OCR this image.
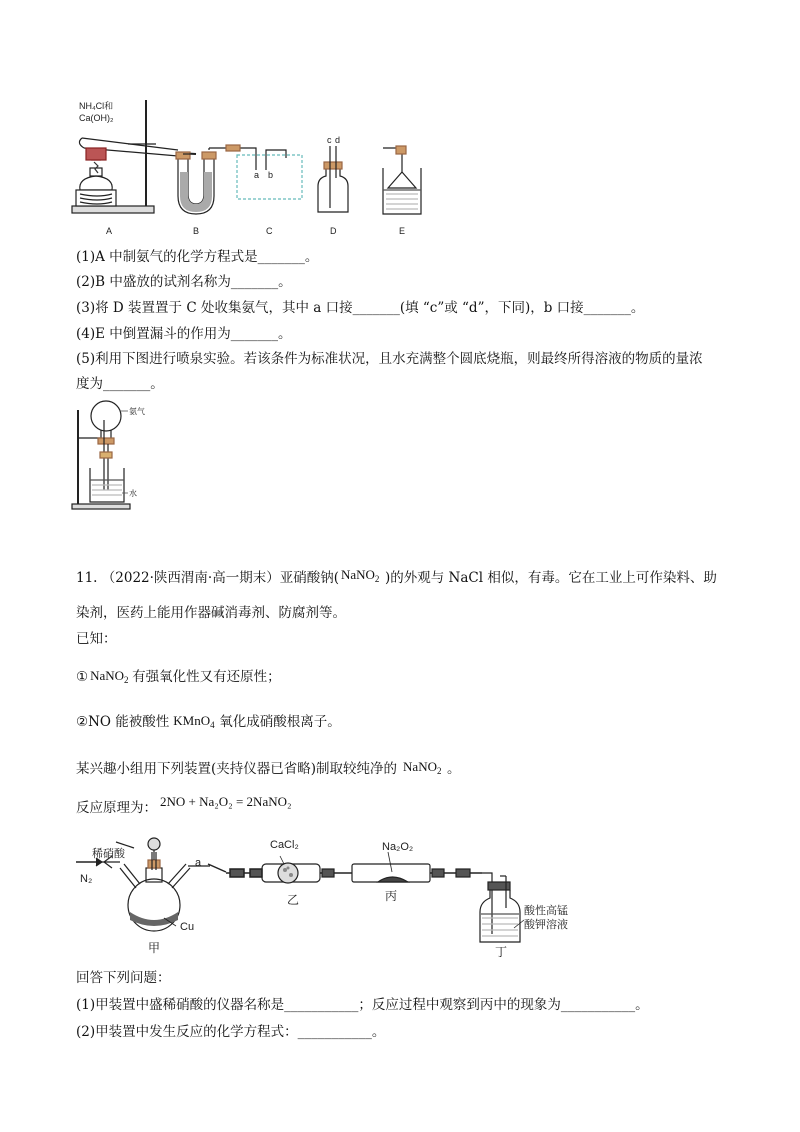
NH₄Cl和
Ca(OH)₂
a b
c d
A	B	C	D	E
(1)A 中制氨气的化学方程式是_______。
(2)B 中盛放的试剂名称为_______。
(3)将 D 装置置于 C 处收集氨气，其中 a 口接_______(填 “c”或 “d”，下同)，b 口接_______。
(4)E 中倒置漏斗的作用为_______。
(5)利用下图进行喷泉实验。若该条件为标准状况，且水充满整个圆底烧瓶，则最终所得溶液的物质的量浓
度为_______。
氨气
水
11. （2022·陕西渭南·高一期末）亚硝酸钠( NaNO$_2$ )的外观与 NaCl 相似，有毒。它在工业上可作染料、助
染剂，医药上能用作器碱消毒剂、防腐剂等。
已知：
① NaNO$_2$ 有强氧化性又有还原性；
②NO 能被酸性 KMnO$_4$ 氧化成硝酸根离子。
某兴趣小组用下列装置(夹持仪器已省略)制取较纯净的 NaNO$_2$ 。
反应原理为： 2NO + Na₂O₂ = 2NaNO₂
稀硝酸
N₂
a
Cu
甲
CaCl₂
乙
Na₂O₂
丙
酸性高锰
酸钾溶液
丁
回答下列问题：
(1)甲装置中盛稀硝酸的仪器名称是___________；反应过程中观察到丙中的现象为___________。
(2)甲装置中发生反应的化学方程式：___________。
